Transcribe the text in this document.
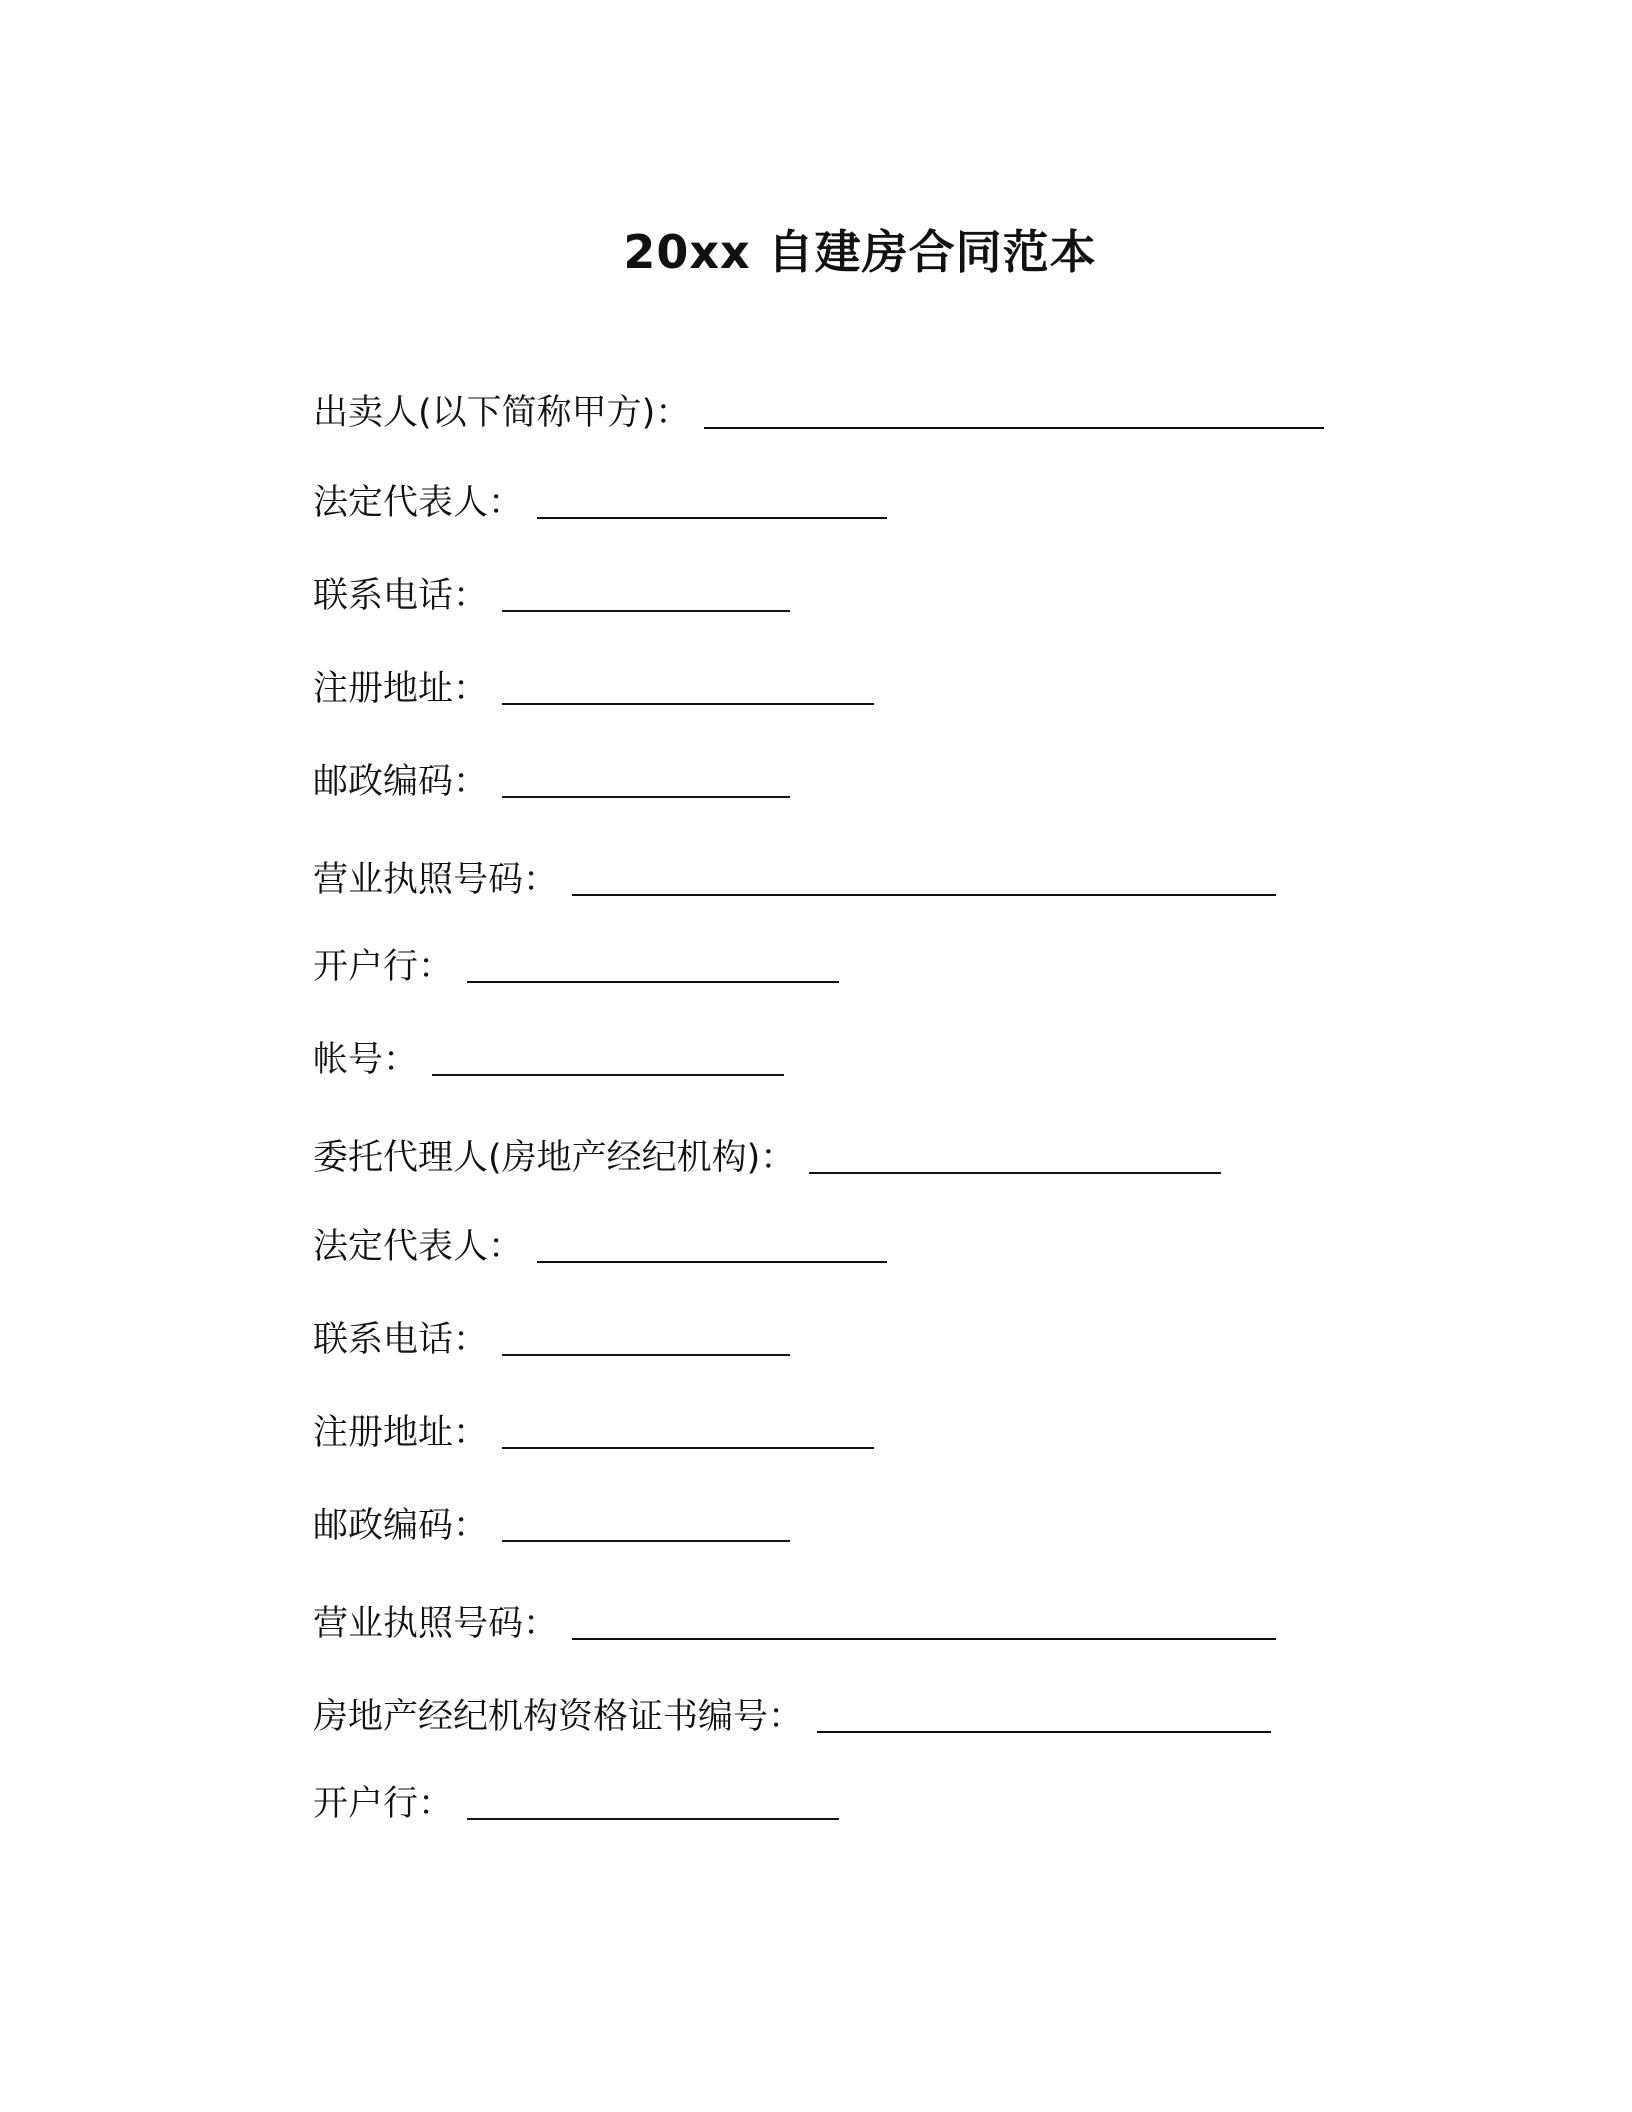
20xx 自建房合同范本
出卖人(以下简称甲方)：
法定代表人：
联系电话：
注册地址：
邮政编码：
营业执照号码：
开户行：
帐号：
委托代理人(房地产经纪机构)：
法定代表人：
联系电话：
注册地址：
邮政编码：
营业执照号码：
房地产经纪机构资格证书编号：
开户行：
